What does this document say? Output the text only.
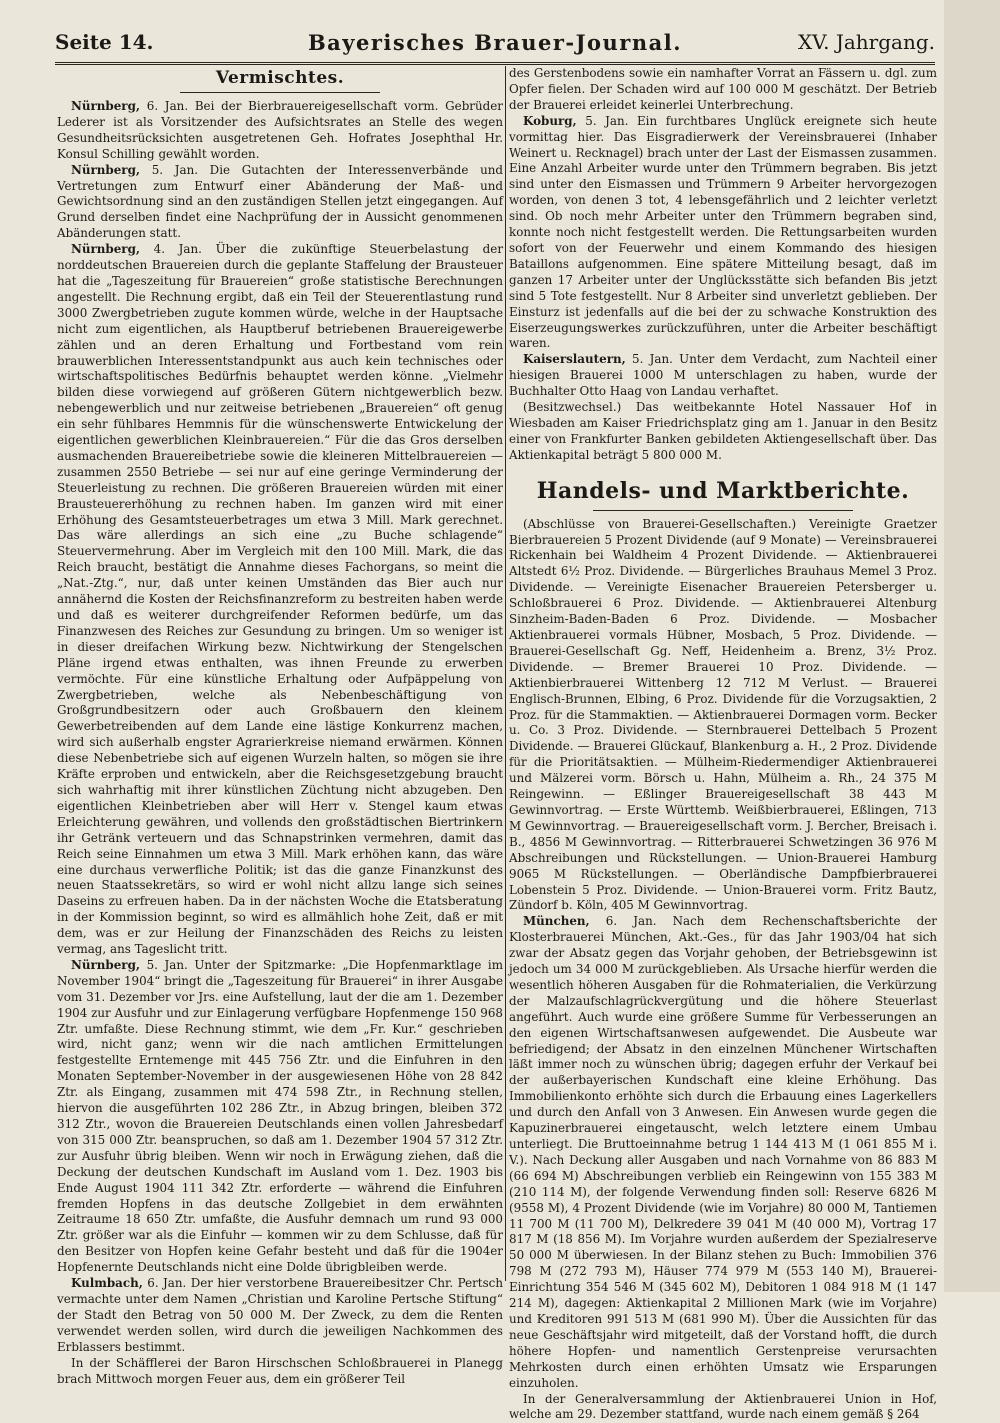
Seite 14.	Bayerisches Brauer-Journal.	XV. Jahrgang.
Vermischtes.

Nürnberg, 6. Jan. Bei der Bierbrauereigesellschaft vorm. Gebrüder Lederer ist als Vorsitzender des Aufsichtsrates an Stelle des wegen Gesundheitsrücksichten ausgetretenen Geh. Hofrates Josephthal Hr. Konsul Schilling gewählt worden.

Nürnberg, 5. Jan. Die Gutachten der Interessenverbände und Vertretungen zum Entwurf einer Abänderung der Maß- und Gewichtsordnung sind an den zuständigen Stellen jetzt eingegangen. Auf Grund derselben findet eine Nachprüfung der in Aussicht genommenen Abänderungen statt.

Nürnberg, 4. Jan. Über die zukünftige Steuerbelastung der norddeutschen Brauereien durch die geplante Staffelung der Brausteuer hat die „Tageszeitung für Brauereien“ große statistische Berechnungen angestellt. Die Rechnung ergibt, daß ein Teil der Steuerentlastung rund 3000 Zwergbetrieben zugute kommen würde, welche in der Hauptsache nicht zum eigentlichen, als Hauptberuf betriebenen Brauereigewerbe zählen und an deren Erhaltung und Fortbestand vom rein brauwerblichen Interessentstandpunkt aus auch kein technisches oder wirtschaftspolitisches Bedürfnis behauptet werden könne. „Vielmehr bilden diese vorwiegend auf größeren Gütern nichtgewerblich bezw. nebengewerblich und nur zeitweise betriebenen „Brauereien“ oft genug ein sehr fühlbares Hemmnis für die wünschenswerte Entwickelung der eigentlichen gewerblichen Kleinbrauereien.“ Für die das Gros derselben ausmachenden Brauereibetriebe sowie die kleineren Mittelbrauereien — zusammen 2550 Betriebe — sei nur auf eine geringe Verminderung der Steuerleistung zu rechnen. Die größeren Brauereien würden mit einer Brausteuererhöhung zu rechnen haben. Im ganzen wird mit einer Erhöhung des Gesamtsteuerbetrages um etwa 3 Mill. Mark gerechnet. Das wäre allerdings an sich eine „zu Buche schlagende“ Steuervermehrung. Aber im Vergleich mit den 100 Mill. Mark, die das Reich braucht, bestätigt die Annahme dieses Fachorgans, so meint die „Nat.-Ztg.“, nur, daß unter keinen Umständen das Bier auch nur annähernd die Kosten der Reichsfinanzreform zu bestreiten haben werde und daß es weiterer durchgreifender Reformen bedürfe, um das Finanzwesen des Reiches zur Gesundung zu bringen. Um so weniger ist in dieser dreifachen Wirkung bezw. Nichtwirkung der Stengelschen Pläne irgend etwas enthalten, was ihnen Freunde zu erwerben vermöchte. Für eine künstliche Erhaltung oder Aufpäppelung von Zwergbetrieben, welche als Nebenbeschäftigung von Großgrundbesitzern oder auch Großbauern den kleinem Gewerbetreibenden auf dem Lande eine lästige Konkurrenz machen, wird sich außerhalb engster Agrarierkreise niemand erwärmen. Können diese Nebenbetriebe sich auf eigenen Wurzeln halten, so mögen sie ihre Kräfte erproben und entwickeln, aber die Reichsgesetzgebung braucht sich wahrhaftig mit ihrer künstlichen Züchtung nicht abzugeben. Den eigentlichen Kleinbetrieben aber will Herr v. Stengel kaum etwas Erleichterung gewähren, und vollends den großstädtischen Biertrinkern ihr Getränk verteuern und das Schnapstrinken vermehren, damit das Reich seine Einnahmen um etwa 3 Mill. Mark erhöhen kann, das wäre eine durchaus verwerfliche Politik; ist das die ganze Finanzkunst des neuen Staatssekretärs, so wird er wohl nicht allzu lange sich seines Daseins zu erfreuen haben. Da in der nächsten Woche die Etatsberatung in der Kommission beginnt, so wird es allmählich hohe Zeit, daß er mit dem, was er zur Heilung der Finanzschäden des Reichs zu leisten vermag, ans Tageslicht tritt.

Nürnberg, 5. Jan. Unter der Spitzmarke: „Die Hopfenmarktlage im November 1904“ bringt die „Tageszeitung für Brauerei“ in ihrer Ausgabe vom 31. Dezember vor Jrs. eine Aufstellung, laut der die am 1. Dezember 1904 zur Ausfuhr und zur Einlagerung verfügbare Hopfenmenge 150 968 Ztr. umfaßte. Diese Rechnung stimmt, wie dem „Fr. Kur.“ geschrieben wird, nicht ganz; wenn wir die nach amtlichen Ermittelungen festgestellte Erntemenge mit 445 756 Ztr. und die Einfuhren in den Monaten September-November in der ausgewiesenen Höhe von 28 842 Ztr. als Eingang, zusammen mit 474 598 Ztr., in Rechnung stellen, hiervon die ausgeführten 102 286 Ztr., in Abzug bringen, bleiben 372 312 Ztr., wovon die Brauereien Deutschlands einen vollen Jahresbedarf von 315 000 Ztr. beanspruchen, so daß am 1. Dezember 1904 57 312 Ztr. zur Ausfuhr übrig bleiben. Wenn wir noch in Erwägung ziehen, daß die Deckung der deutschen Kundschaft im Ausland vom 1. Dez. 1903 bis Ende August 1904 111 342 Ztr. erforderte — während die Einfuhren fremden Hopfens in das deutsche Zollgebiet in dem erwähnten Zeitraume 18 650 Ztr. umfaßte, die Ausfuhr demnach um rund 93 000 Ztr. größer war als die Einfuhr — kommen wir zu dem Schlusse, daß für den Besitzer von Hopfen keine Gefahr besteht und daß für die 1904er Hopfenernte Deutschlands nicht eine Dolde übrigbleiben werde.

Kulmbach, 6. Jan. Der hier verstorbene Brauereibesitzer Chr. Pertsch vermachte unter dem Namen „Christian und Karoline Pertsche Stiftung“ der Stadt den Betrag von 50 000 M. Der Zweck, zu dem die Renten verwendet werden sollen, wird durch die jeweiligen Nachkommen des Erblassers bestimmt.

In der Schäfflerei der Baron Hirschschen Schloßbrauerei in Planegg brach Mittwoch morgen Feuer aus, dem ein größerer Teil

des Gerstenbodens sowie ein namhafter Vorrat an Fässern u. dgl. zum Opfer fielen. Der Schaden wird auf 100 000 M geschätzt. Der Betrieb der Brauerei erleidet keinerlei Unterbrechung.

Koburg, 5. Jan. Ein furchtbares Unglück ereignete sich heute vormittag hier. Das Eisgradierwerk der Vereinsbrauerei (Inhaber Weinert u. Recknagel) brach unter der Last der Eismassen zusammen. Eine Anzahl Arbeiter wurde unter den Trümmern begraben. Bis jetzt sind unter den Eismassen und Trümmern 9 Arbeiter hervorgezogen worden, von denen 3 tot, 4 lebensgefährlich und 2 leichter verletzt sind. Ob noch mehr Arbeiter unter den Trümmern begraben sind, konnte noch nicht festgestellt werden. Die Rettungsarbeiten wurden sofort von der Feuerwehr und einem Kommando des hiesigen Bataillons aufgenommen. Eine spätere Mitteilung besagt, daß im ganzen 17 Arbeiter unter der Unglücksstätte sich befanden Bis jetzt sind 5 Tote festgestellt. Nur 8 Arbeiter sind unverletzt geblieben. Der Einsturz ist jedenfalls auf die bei der zu schwache Konstruktion des Eiserzeugungswerkes zurückzuführen, unter die Arbeiter beschäftigt waren.

Kaiserslautern, 5. Jan. Unter dem Verdacht, zum Nachteil einer hiesigen Brauerei 1000 M unterschlagen zu haben, wurde der Buchhalter Otto Haag von Landau verhaftet.

(Besitzwechsel.) Das weitbekannte Hotel Nassauer Hof in Wiesbaden am Kaiser Friedrichsplatz ging am 1. Januar in den Besitz einer von Frankfurter Banken gebildeten Aktiengesellschaft über. Das Aktienkapital beträgt 5 800 000 M.

Handels- und Marktberichte.

(Abschlüsse von Brauerei-Gesellschaften.) Vereinigte Graetzer Bierbrauereien 5 Prozent Dividende (auf 9 Monate) — Vereinsbrauerei Rickenhain bei Waldheim 4 Prozent Dividende. — Aktienbrauerei Altstedt 6½ Proz. Dividende. — Bürgerliches Brauhaus Memel 3 Proz. Dividende. — Vereinigte Eisenacher Brauereien Petersberger u. Schloßbrauerei 6 Proz. Dividende. — Aktienbrauerei Altenburg Sinzheim-Baden-Baden 6 Proz. Dividende. — Mosbacher Aktienbrauerei vormals Hübner, Mosbach, 5 Proz. Dividende. — Brauerei-Gesellschaft Gg. Neff, Heidenheim a. Brenz, 3½ Proz. Dividende. — Bremer Brauerei 10 Proz. Dividende. — Aktienbierbrauerei Wittenberg 12 712 M Verlust. — Brauerei Englisch-Brunnen, Elbing, 6 Proz. Dividende für die Vorzugsaktien, 2 Proz. für die Stammaktien. — Aktienbrauerei Dormagen vorm. Becker u. Co. 3 Proz. Dividende. — Sternbrauerei Dettelbach 5 Prozent Dividende. — Brauerei Glückauf, Blankenburg a. H., 2 Proz. Dividende für die Prioritätsaktien. — Mülheim-Riedermendiger Aktienbrauerei und Mälzerei vorm. Börsch u. Hahn, Mülheim a. Rh., 24 375 M Reingewinn. — Eßlinger Brauereigesellschaft 38 443 M Gewinnvortrag. — Erste Württemb. Weißbierbrauerei, Eßlingen, 713 M Gewinnvortrag. — Brauereigesellschaft vorm. J. Bercher, Breisach i. B., 4856 M Gewinnvortrag. — Ritterbrauerei Schwetzingen 36 976 M Abschreibungen und Rückstellungen. — Union-Brauerei Hamburg 9065 M Rückstellungen. — Oberländische Dampfbierbrauerei Lobenstein 5 Proz. Dividende. — Union-Brauerei vorm. Fritz Bautz, Zündorf b. Köln, 405 M Gewinnvortrag.

München, 6. Jan. Nach dem Rechenschaftsberichte der Klosterbrauerei München, Akt.-Ges., für das Jahr 1903/04 hat sich zwar der Absatz gegen das Vorjahr gehoben, der Betriebsgewinn ist jedoch um 34 000 M zurückgeblieben. Als Ursache hierfür werden die wesentlich höheren Ausgaben für die Rohmaterialien, die Verkürzung der Malzaufschlagrückvergütung und die höhere Steuerlast angeführt. Auch wurde eine größere Summe für Verbesserungen an den eigenen Wirtschaftsanwesen aufgewendet. Die Ausbeute war befriedigend; der Absatz in den einzelnen Münchener Wirtschaften läßt immer noch zu wünschen übrig; dagegen erfuhr der Verkauf bei der außerbayerischen Kundschaft eine kleine Erhöhung. Das Immobilienkonto erhöhte sich durch die Erbauung eines Lagerkellers und durch den Anfall von 3 Anwesen. Ein Anwesen wurde gegen die Kapuzinerbrauerei eingetauscht, welch letztere einem Umbau unterliegt. Die Bruttoeinnahme betrug 1 144 413 M (1 061 855 M i. V.). Nach Deckung aller Ausgaben und nach Vornahme von 86 883 M (66 694 M) Abschreibungen verblieb ein Reingewinn von 155 383 M (210 114 M), der folgende Verwendung finden soll: Reserve 6826 M (9558 M), 4 Prozent Dividende (wie im Vorjahre) 80 000 M, Tantiemen 11 700 M (11 700 M), Delkredere 39 041 M (40 000 M), Vortrag 17 817 M (18 856 M). Im Vorjahre wurden außerdem der Spezialreserve 50 000 M überwiesen. In der Bilanz stehen zu Buch: Immobilien 376 798 M (272 793 M), Häuser 774 979 M (553 140 M), Brauerei-Einrichtung 354 546 M (345 602 M), Debitoren 1 084 918 M (1 147 214 M), dagegen: Aktienkapital 2 Millionen Mark (wie im Vorjahre) und Kreditoren 991 513 M (681 990 M). Über die Aussichten für das neue Geschäftsjahr wird mitgeteilt, daß der Vorstand hofft, die durch höhere Hopfen- und namentlich Gerstenpreise verursachten Mehrkosten durch einen erhöhten Umsatz wie Ersparungen einzuholen.

In der Generalversammlung der Aktienbrauerei Union in Hof, welche am 29. Dezember stattfand, wurde nach einem gemäß § 264
